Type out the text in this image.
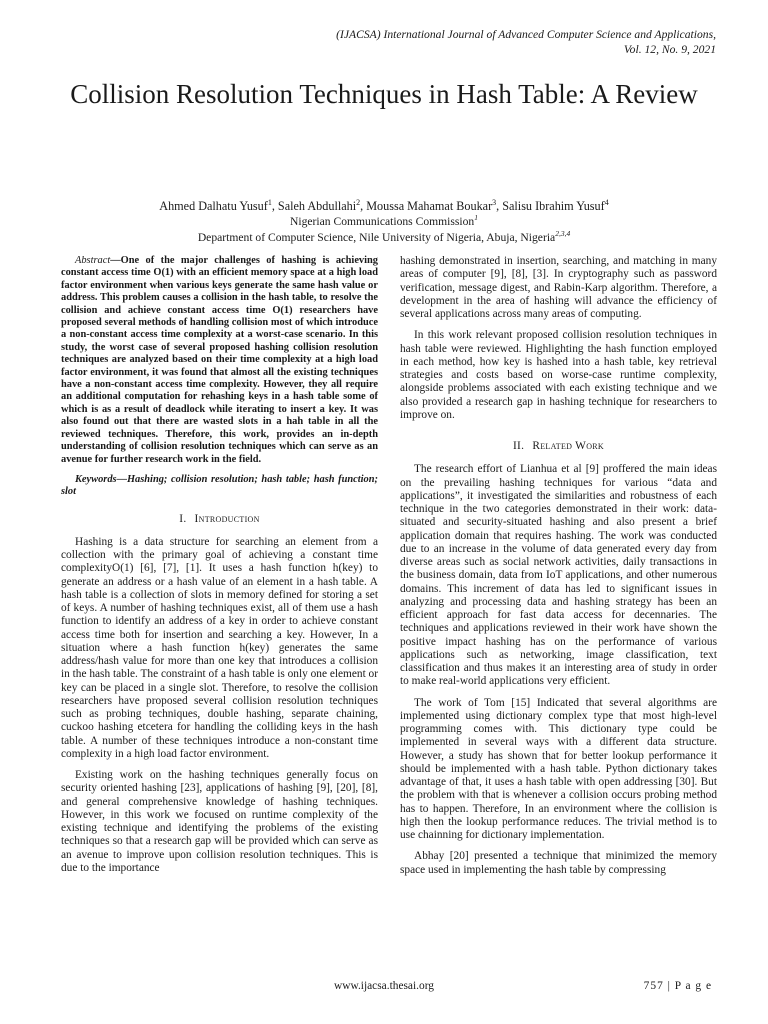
(IJACSA) International Journal of Advanced Computer Science and Applications,
Vol. 12, No. 9, 2021
Collision Resolution Techniques in Hash Table: A Review
Ahmed Dalhatu Yusuf$^1$, Saleh Abdullahi$^2$, Moussa Mahamat Boukar$^3$, Salisu Ibrahim Yusuf$^4$
Nigerian Communications Commission$^1$
Department of Computer Science, Nile University of Nigeria, Abuja, Nigeria$^{2,3,4}$

Abstract—One of the major challenges of hashing is achieving constant access time O(1) with an efficient memory space at a high load factor environment when various keys generate the same hash value or address. This problem causes a collision in the hash table, to resolve the collision and achieve constant access time O(1) researchers have proposed several methods of handling collision most of which introduce a non-constant access time complexity at a worst-case scenario. In this study, the worst case of several proposed hashing collision resolution techniques are analyzed based on their time complexity at a high load factor environment, it was found that almost all the existing techniques have a non-constant access time complexity. However, they all require an additional computation for rehashing keys in a hash table some of which is as a result of deadlock while iterating to insert a key. It was also found out that there are wasted slots in a hah table in all the reviewed techniques. Therefore, this work, provides an in-depth understanding of collision resolution techniques which can serve as an avenue for further research work in the field.

Keywords—Hashing; collision resolution; hash table; hash function; slot

I. Introduction

Hashing is a data structure for searching an element from a collection with the primary goal of achieving a constant time complexityO(1) [6], [7], [1]. It uses a hash function h(key) to generate an address or a hash value of an element in a hash table. A hash table is a collection of slots in memory defined for storing a set of keys. A number of hashing techniques exist, all of them use a hash function to identify an address of a key in order to achieve constant access time both for insertion and searching a key. However, In a situation where a hash function h(key) generates the same address/hash value for more than one key that introduces a collision in the hash table. The constraint of a hash table is only one element or key can be placed in a single slot. Therefore, to resolve the collision researchers have proposed several collision resolution techniques such as probing techniques, double hashing, separate chaining, cuckoo hashing etcetera for handling the colliding keys in the hash table. A number of these techniques introduce a non-constant time complexity in a high load factor environment.

Existing work on the hashing techniques generally focus on security oriented hashing [23], applications of hashing [9], [20], [8], and general comprehensive knowledge of hashing techniques. However, in this work we focused on runtime complexity of the existing technique and identifying the problems of the existing techniques so that a research gap will be provided which can serve as an avenue to improve upon collision resolution techniques. This is due to the importance

hashing demonstrated in insertion, searching, and matching in many areas of computer [9], [8], [3]. In cryptography such as password verification, message digest, and Rabin-Karp algorithm. Therefore, a development in the area of hashing will advance the efficiency of several applications across many areas of computing.

In this work relevant proposed collision resolution techniques in hash table were reviewed. Highlighting the hash function employed in each method, how key is hashed into a hash table, key retrieval strategies and costs based on worse-case runtime complexity, alongside problems associated with each existing technique and we also provided a research gap in hashing technique for researchers to improve on.

II. Related Work

The research effort of Lianhua et al [9] proffered the main ideas on the prevailing hashing techniques for various “data and applications”, it investigated the similarities and robustness of each technique in the two categories demonstrated in their work: data-situated and security-situated hashing and also present a brief application domain that requires hashing. The work was conducted due to an increase in the volume of data generated every day from diverse areas such as social network activities, daily transactions in the business domain, data from IoT applications, and other numerous domains. This increment of data has led to significant issues in analyzing and processing data and hashing strategy has been an efficient approach for fast data access for decennaries. The techniques and applications reviewed in their work have shown the positive impact hashing has on the performance of various applications such as networking, image classification, text classification and thus makes it an interesting area of study in order to make real-world applications very efficient.

The work of Tom [15] Indicated that several algorithms are implemented using dictionary complex type that most high-level programming comes with. This dictionary type could be implemented in several ways with a different data structure. However, a study has shown that for better lookup performance it should be implemented with a hash table. Python dictionary takes advantage of that, it uses a hash table with open addressing [30]. But the problem with that is whenever a collision occurs probing method has to happen. Therefore, In an environment where the collision is high then the lookup performance reduces. The trivial method is to use chainning for dictionary implementation.

Abhay [20] presented a technique that minimized the memory space used in implementing the hash table by compressing

www.ijacsa.thesai.org	757 | P a g e
